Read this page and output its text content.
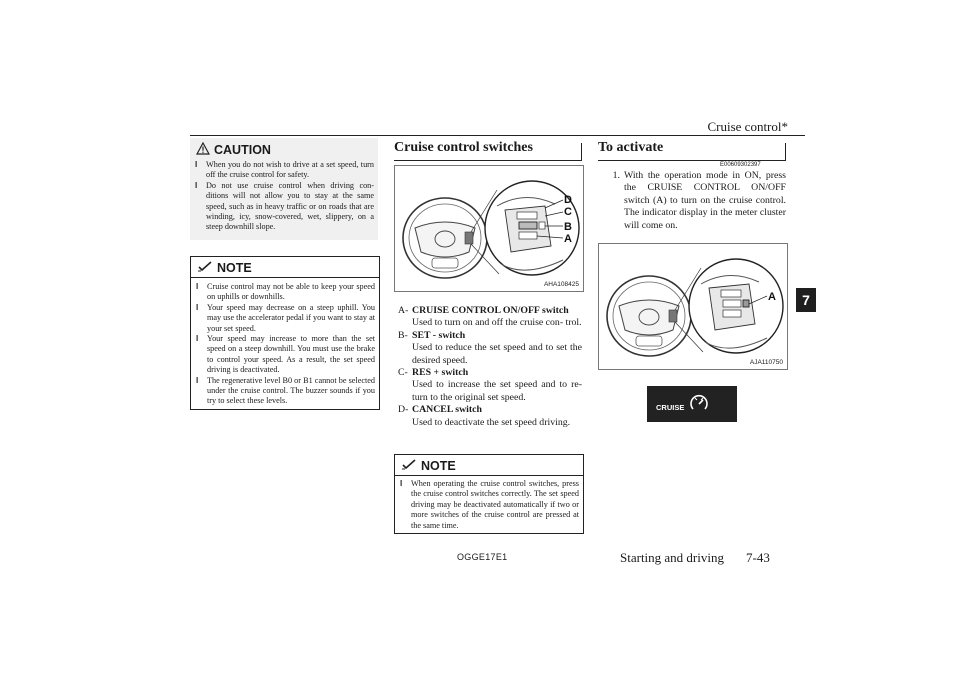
Cruise control*
7
CAUTION
l When you do not wish to drive at a set speed, turn off the cruise control for safety.
l Do not use cruise control when driving con- ditions will not allow you to stay at the same speed, such as in heavy traffic or on roads that are winding, icy, snow-covered, wet, slippery, on a steep downhill slope.
NOTE
l Cruise control may not be able to keep your speed on uphills or downhills.
l Your speed may decrease on a steep uphill. You may use the accelerator pedal if you want to stay at your set speed.
l Your speed may increase to more than the set speed on a steep downhill. You must use the brake to control your speed. As a result, the set speed driving is deactivated.
l The regenerative level B0 or B1 cannot be selected under the cruise control. The buzzer sounds if you try to select these levels.
Cruise control switches
D
C
B
A
AHA108425
A- CRUISE CONTROL ON/OFF switch
Used to turn on and off the cruise con- trol.
B- SET - switch
Used to reduce the set speed and to set the desired speed.
C- RES + switch
Used to increase the set speed and to re- turn to the original set speed.
D- CANCEL switch
Used to deactivate the set speed driving.
NOTE
l When operating the cruise control switches, press the cruise control switches correctly. The set speed driving may be deactivated automatically if two or more switches of the cruise control are pressed at the same time.
To activate
E00609302397
1. With the operation mode in ON, press the CRUISE CONTROL ON/OFF switch (A) to turn on the cruise control. The indicator display in the meter cluster will come on.
A
AJA110750
CRUISE
OGGE17E1	Starting and driving 7-43
